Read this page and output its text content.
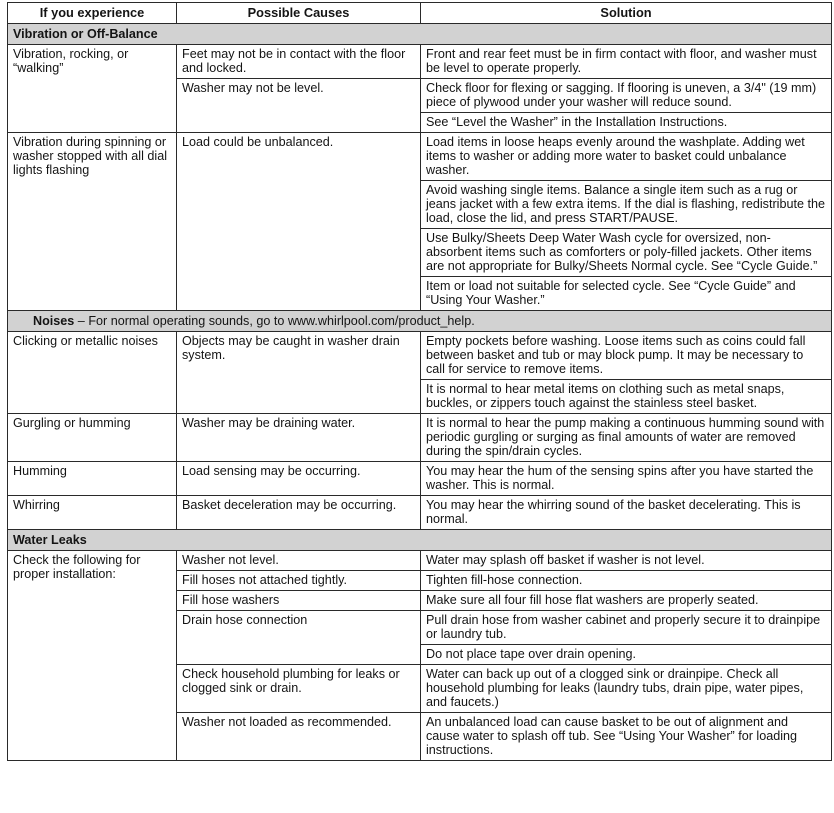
If you experience	Possible Causes	Solution
Vibration or Off-Balance		
Vibration, rocking, or “walking”	Feet may not be in contact with the floor and locked.	Front and rear feet must be in firm contact with floor, and washer must be level to operate properly.
	Washer may not be level.	Check floor for flexing or sagging. If flooring is uneven, a 3/4" (19 mm) piece of plywood under your washer will reduce sound.
		See “Level the Washer” in the Installation Instructions.
Vibration during spinning or washer stopped with all dial lights flashing	Load could be unbalanced.	Load items in loose heaps evenly around the washplate. Adding wet items to washer or adding more water to basket could unbalance washer.
		Avoid washing single items. Balance a single item such as a rug or jeans jacket with a few extra items. If the dial is flashing, redistribute the load, close the lid, and press START/PAUSE.
		Use Bulky/Sheets Deep Water Wash cycle for oversized, non-absorbent items such as comforters or poly-filled jackets. Other items are not appropriate for Bulky/Sheets Normal cycle. See “Cycle Guide.”
		Item or load not suitable for selected cycle. See “Cycle Guide” and “Using Your Washer.”
Noises – For normal operating sounds, go to www.whirlpool.com/product_help.		
Clicking or metallic noises	Objects may be caught in washer drain system.	Empty pockets before washing. Loose items such as coins could fall between basket and tub or may block pump. It may be necessary to call for service to remove items.
		It is normal to hear metal items on clothing such as metal snaps, buckles, or zippers touch against the stainless steel basket.
Gurgling or humming	Washer may be draining water.	It is normal to hear the pump making a continuous humming sound with periodic gurgling or surging as final amounts of water are removed during the spin/drain cycles.
Humming	Load sensing may be occurring.	You may hear the hum of the sensing spins after you have started the washer. This is normal.
Whirring	Basket deceleration may be occurring.	You may hear the whirring sound of the basket decelerating. This is normal.
Water Leaks		
Check the following for proper installation:	Washer not level.	Water may splash off basket if washer is not level.
	Fill hoses not attached tightly.	Tighten fill-hose connection.
	Fill hose washers	Make sure all four fill hose flat washers are properly seated.
	Drain hose connection	Pull drain hose from washer cabinet and properly secure it to drainpipe or laundry tub.
		Do not place tape over drain opening.
	Check household plumbing for leaks or clogged sink or drain.	Water can back up out of a clogged sink or drainpipe. Check all household plumbing for leaks (laundry tubs, drain pipe, water pipes, and faucets.)
	Washer not loaded as recommended.	An unbalanced load can cause basket to be out of alignment and cause water to splash off tub. See “Using Your Washer” for loading instructions.
